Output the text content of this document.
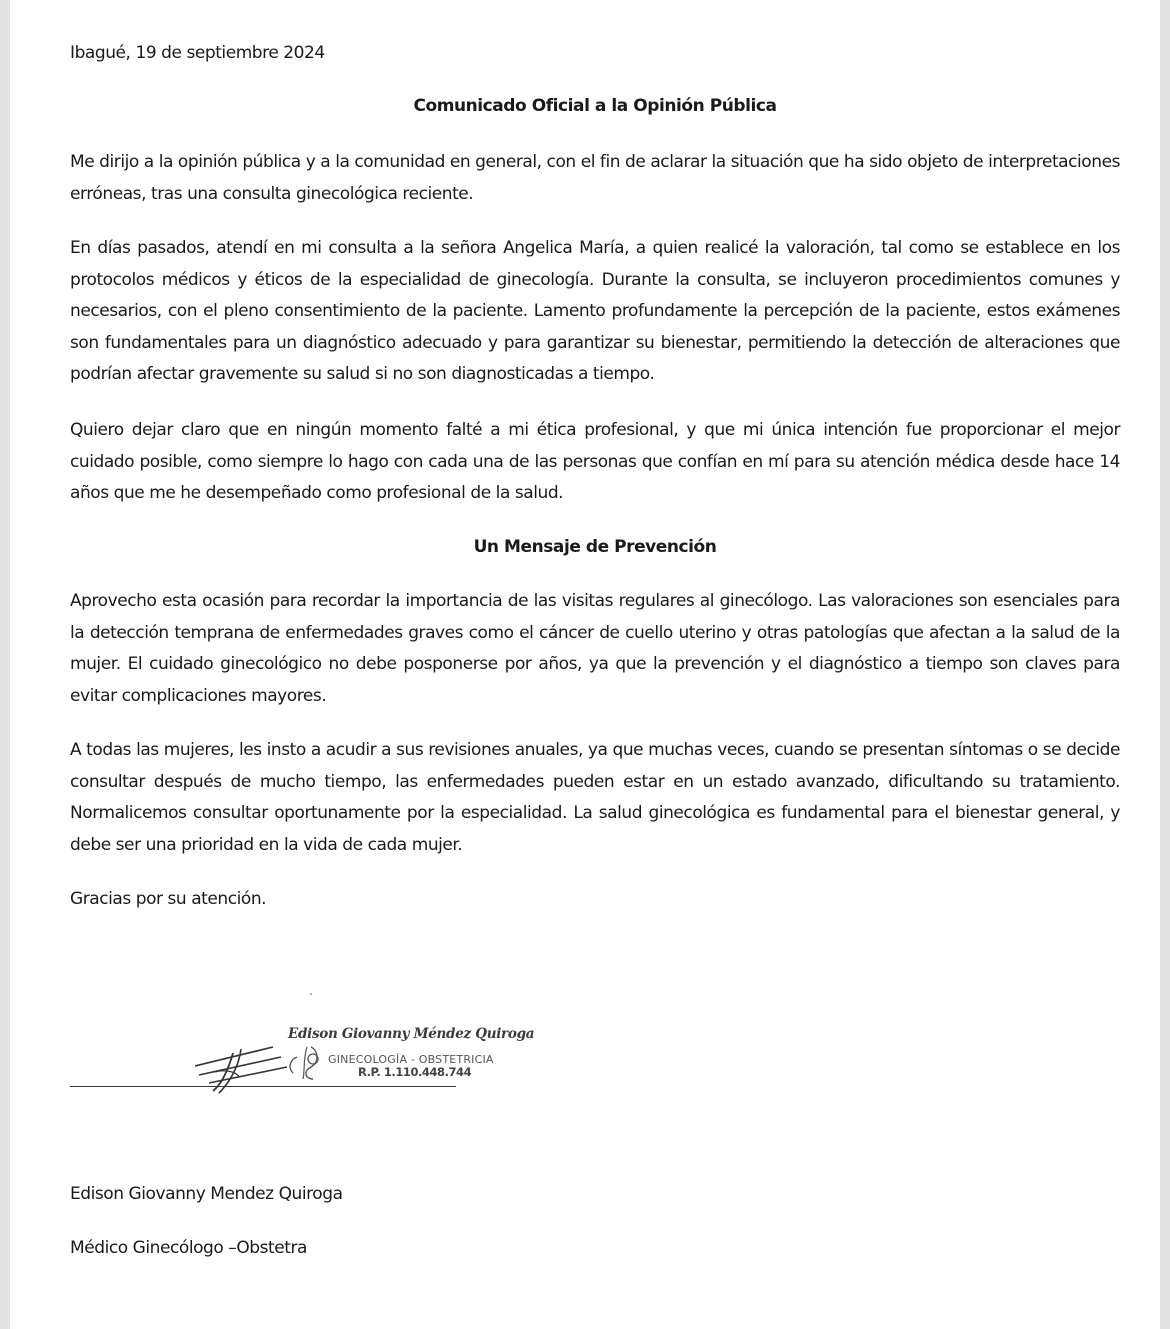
Ibagué, 19 de septiembre 2024
Comunicado Oficial a la Opinión Pública

Me dirijo a la opinión pública y a la comunidad en general, con el fin de aclarar la situación que ha sido objeto de interpretaciones erróneas, tras una consulta ginecológica reciente.

En días pasados, atendí en mi consulta a la señora Angelica María, a quien realicé la valoración, tal como se establece en los protocolos médicos y éticos de la especialidad de ginecología. Durante la consulta, se incluyeron procedimientos comunes y necesarios, con el pleno consentimiento de la paciente. Lamento profundamente la percepción de la paciente, estos exámenes son fundamentales para un diagnóstico adecuado y para garantizar su bienestar, permitiendo la detección de alteraciones que podrían afectar gravemente su salud si no son diagnosticadas a tiempo.

Quiero dejar claro que en ningún momento falté a mi ética profesional, y que mi única intención fue proporcionar el mejor cuidado posible, como siempre lo hago con cada una de las personas que confían en mí para su atención médica desde hace 14 años que me he desempeñado como profesional de la salud.

Un Mensaje de Prevención

Aprovecho esta ocasión para recordar la importancia de las visitas regulares al ginecólogo. Las valoraciones son esenciales para la detección temprana de enfermedades graves como el cáncer de cuello uterino y otras patologías que afectan a la salud de la mujer. El cuidado ginecológico no debe posponerse por años, ya que la prevención y el diagnóstico a tiempo son claves para evitar complicaciones mayores.

A todas las mujeres, les insto a acudir a sus revisiones anuales, ya que muchas veces, cuando se presentan síntomas o se decide consultar después de mucho tiempo, las enfermedades pueden estar en un estado avanzado, dificultando su tratamiento. Normalicemos consultar oportunamente por la especialidad. La salud ginecológica es fundamental para el bienestar general, y debe ser una prioridad en la vida de cada mujer.

Gracias por su atención.
Edison Giovanny Méndez Quiroga
GINECOLOGÍA - OBSTETRICIA
R.P. 1.110.448.744
Edison Giovanny Mendez Quiroga
Médico Ginecólogo –Obstetra
